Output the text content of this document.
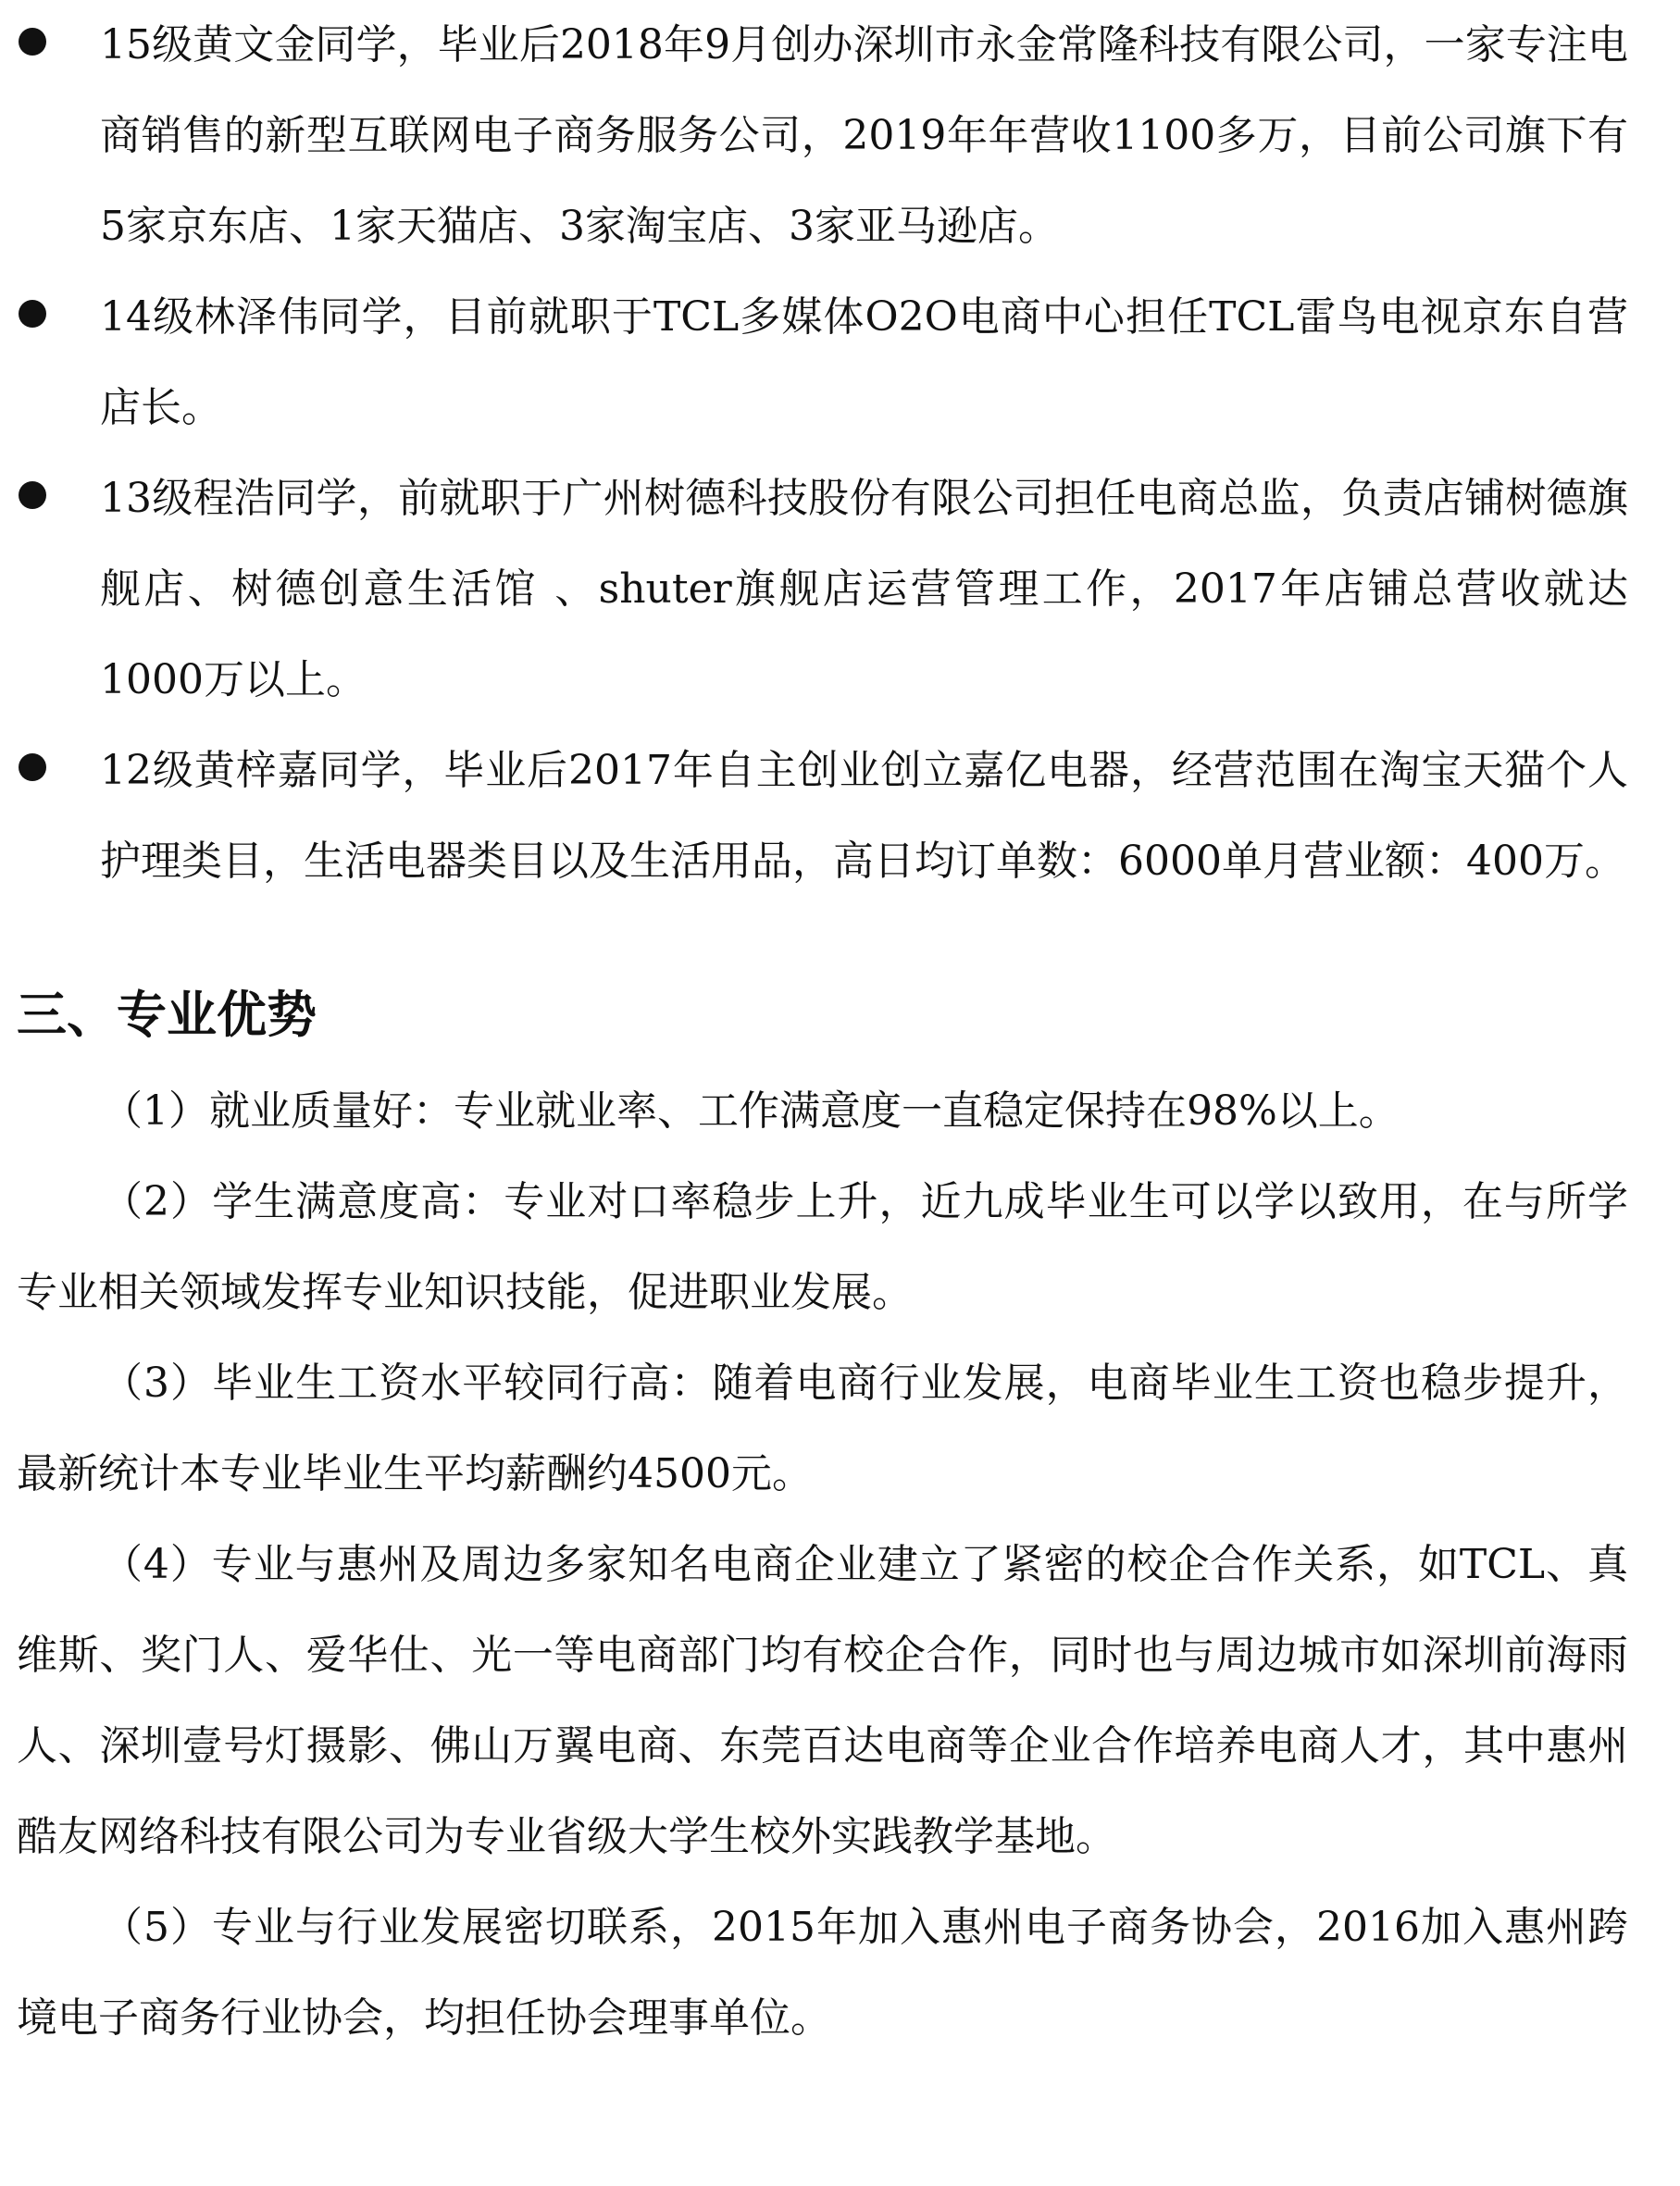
15级黄文金同学，毕业后2018年9月创办深圳市永金常隆科技有限公司，一家专注电商销售的新型互联网电子商务服务公司，2019年年营收1100多万，目前公司旗下有5家京东店、1家天猫店、3家淘宝店、3家亚马逊店。

14级林泽伟同学，目前就职于TCL多媒体O2O电商中心担任TCL雷鸟电视京东自营店长。

13级程浩同学，前就职于广州树德科技股份有限公司担任电商总监，负责店铺树德旗舰店、树德创意生活馆 、shuter旗舰店运营管理工作，2017年店铺总营收就达1000万以上。

12级黄梓嘉同学，毕业后2017年自主创业创立嘉亿电器，经营范围在淘宝天猫个人护理类目，生活电器类目以及生活用品，高日均订单数：6000单月营业额：400万。

三、专业优势

（1）就业质量好：专业就业率、工作满意度一直稳定保持在98%以上。

（2）学生满意度高：专业对口率稳步上升，近九成毕业生可以学以致用，在与所学专业相关领域发挥专业知识技能，促进职业发展。

（3）毕业生工资水平较同行高：随着电商行业发展，电商毕业生工资也稳步提升，最新统计本专业毕业生平均薪酬约4500元。

（4）专业与惠州及周边多家知名电商企业建立了紧密的校企合作关系，如TCL、真维斯、奖门人、爱华仕、光一等电商部门均有校企合作，同时也与周边城市如深圳前海雨人、深圳壹号灯摄影、佛山万翼电商、东莞百达电商等企业合作培养电商人才，其中惠州酷友网络科技有限公司为专业省级大学生校外实践教学基地。

（5）专业与行业发展密切联系，2015年加入惠州电子商务协会，2016加入惠州跨境电子商务行业协会，均担任协会理事单位。
